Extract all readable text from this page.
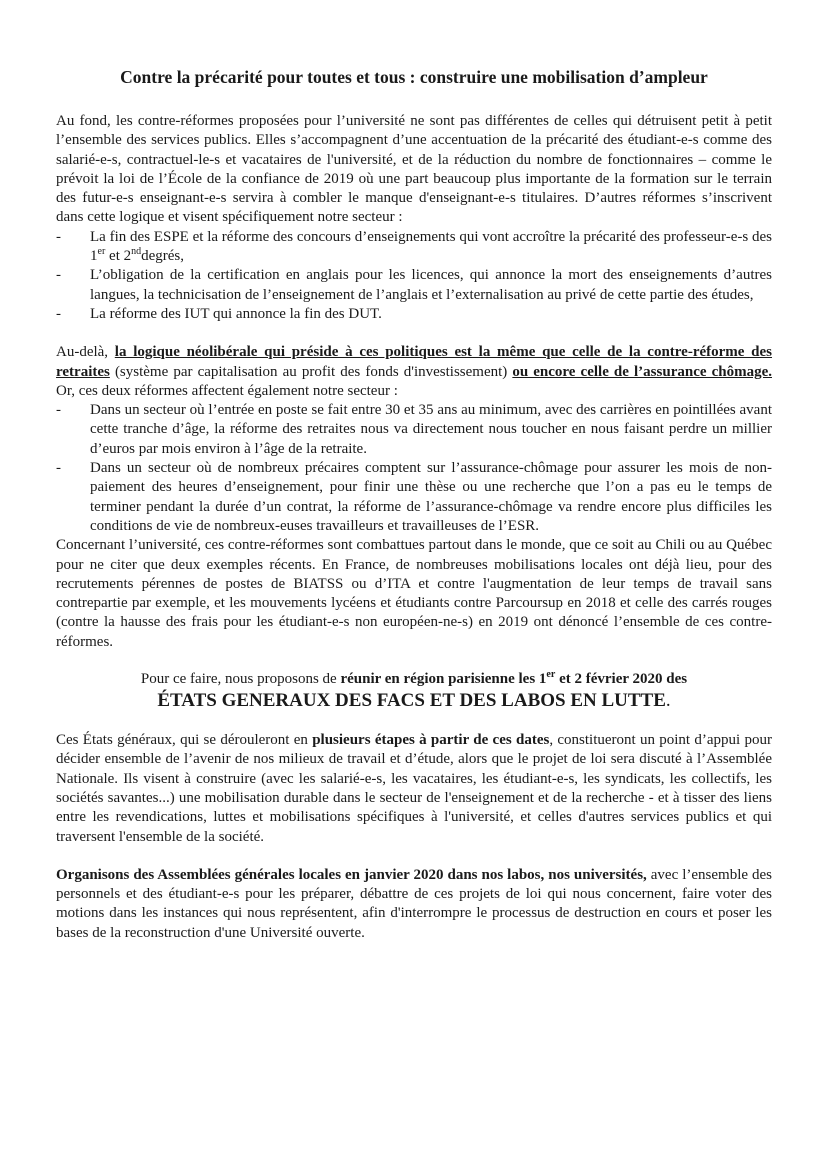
Contre la précarité pour toutes et tous : construire une mobilisation d’ampleur

Au fond, les contre-réformes proposées pour l’université ne sont pas différentes de celles qui détruisent petit à petit l’ensemble des services publics. Elles s’accompagnent d’une accentuation de la précarité des étudiant-e-s comme des salarié-e-s, contractuel-le-s et vacataires de l'université, et de la réduction du nombre de fonctionnaires – comme le prévoit la loi de l’École de la confiance de 2019 où une part beaucoup plus importante de la formation sur le terrain des futur-e-s enseignant-e-s servira à combler le manque d'enseignant-e-s titulaires. D’autres réformes s’inscrivent dans cette logique et visent spécifiquement notre secteur :

-	La fin des ESPE et la réforme des concours d’enseignements qui vont accroître la précarité des professeur-e-s des 1er et 2nddegrés,
-	L’obligation de la certification en anglais pour les licences, qui annonce la mort des enseignements d’autres langues, la technicisation de l’enseignement de l’anglais et l’externalisation au privé de cette partie des études,
-	La réforme des IUT qui annonce la fin des DUT.

Au-delà, la logique néolibérale qui préside à ces politiques est la même que celle de la contre-réforme des retraites (système par capitalisation au profit des fonds d'investissement) ou encore celle de l’assurance chômage. Or, ces deux réformes affectent également notre secteur :

-	Dans un secteur où l’entrée en poste se fait entre 30 et 35 ans au minimum, avec des carrières en pointillées avant cette tranche d’âge, la réforme des retraites nous va directement nous toucher en nous faisant perdre un millier d’euros par mois environ à l’âge de la retraite.
-	Dans un secteur où de nombreux précaires comptent sur l’assurance-chômage pour assurer les mois de non-paiement des heures d’enseignement, pour finir une thèse ou une recherche que l’on a pas eu le temps de terminer pendant la durée d’un contrat, la réforme de l’assurance-chômage va rendre encore plus difficiles les conditions de vie de nombreux-euses travailleurs et travailleuses de l’ESR.

Concernant l’université, ces contre-réformes sont combattues partout dans le monde, que ce soit au Chili ou au Québec pour ne citer que deux exemples récents. En France, de nombreuses mobilisations locales ont déjà lieu, pour des recrutements pérennes de postes de BIATSS ou d’ITA et contre l'augmentation de leur temps de travail sans contrepartie par exemple, et les mouvements lycéens et étudiants contre Parcoursup en 2018 et celle des carrés rouges (contre la hausse des frais pour les étudiant-e-s non européen-ne-s) en 2019 ont dénoncé l’ensemble de ces contre-réformes.

Pour ce faire, nous proposons de réunir en région parisienne les 1er et 2 février 2020 des
ÉTATS GENERAUX DES FACS ET DES LABOS EN LUTTE.

Ces États généraux, qui se dérouleront en plusieurs étapes à partir de ces dates, constitueront un point d’appui pour décider ensemble de l’avenir de nos milieux de travail et d’étude, alors que le projet de loi sera discuté à l’Assemblée Nationale. Ils visent à construire (avec les salarié-e-s, les vacataires, les étudiant-e-s, les syndicats, les collectifs, les sociétés savantes...) une mobilisation durable dans le secteur de l'enseignement et de la recherche - et à tisser des liens entre les revendications, luttes et mobilisations spécifiques à l'université, et celles d'autres services publics et qui traversent l'ensemble de la société.

Organisons des Assemblées générales locales en janvier 2020 dans nos labos, nos universités, avec l’ensemble des personnels et des étudiant-e-s pour les préparer, débattre de ces projets de loi qui nous concernent, faire voter des motions dans les instances qui nous représentent, afin d'interrompre le processus de destruction en cours et poser les bases de la reconstruction d'une Université ouverte.
